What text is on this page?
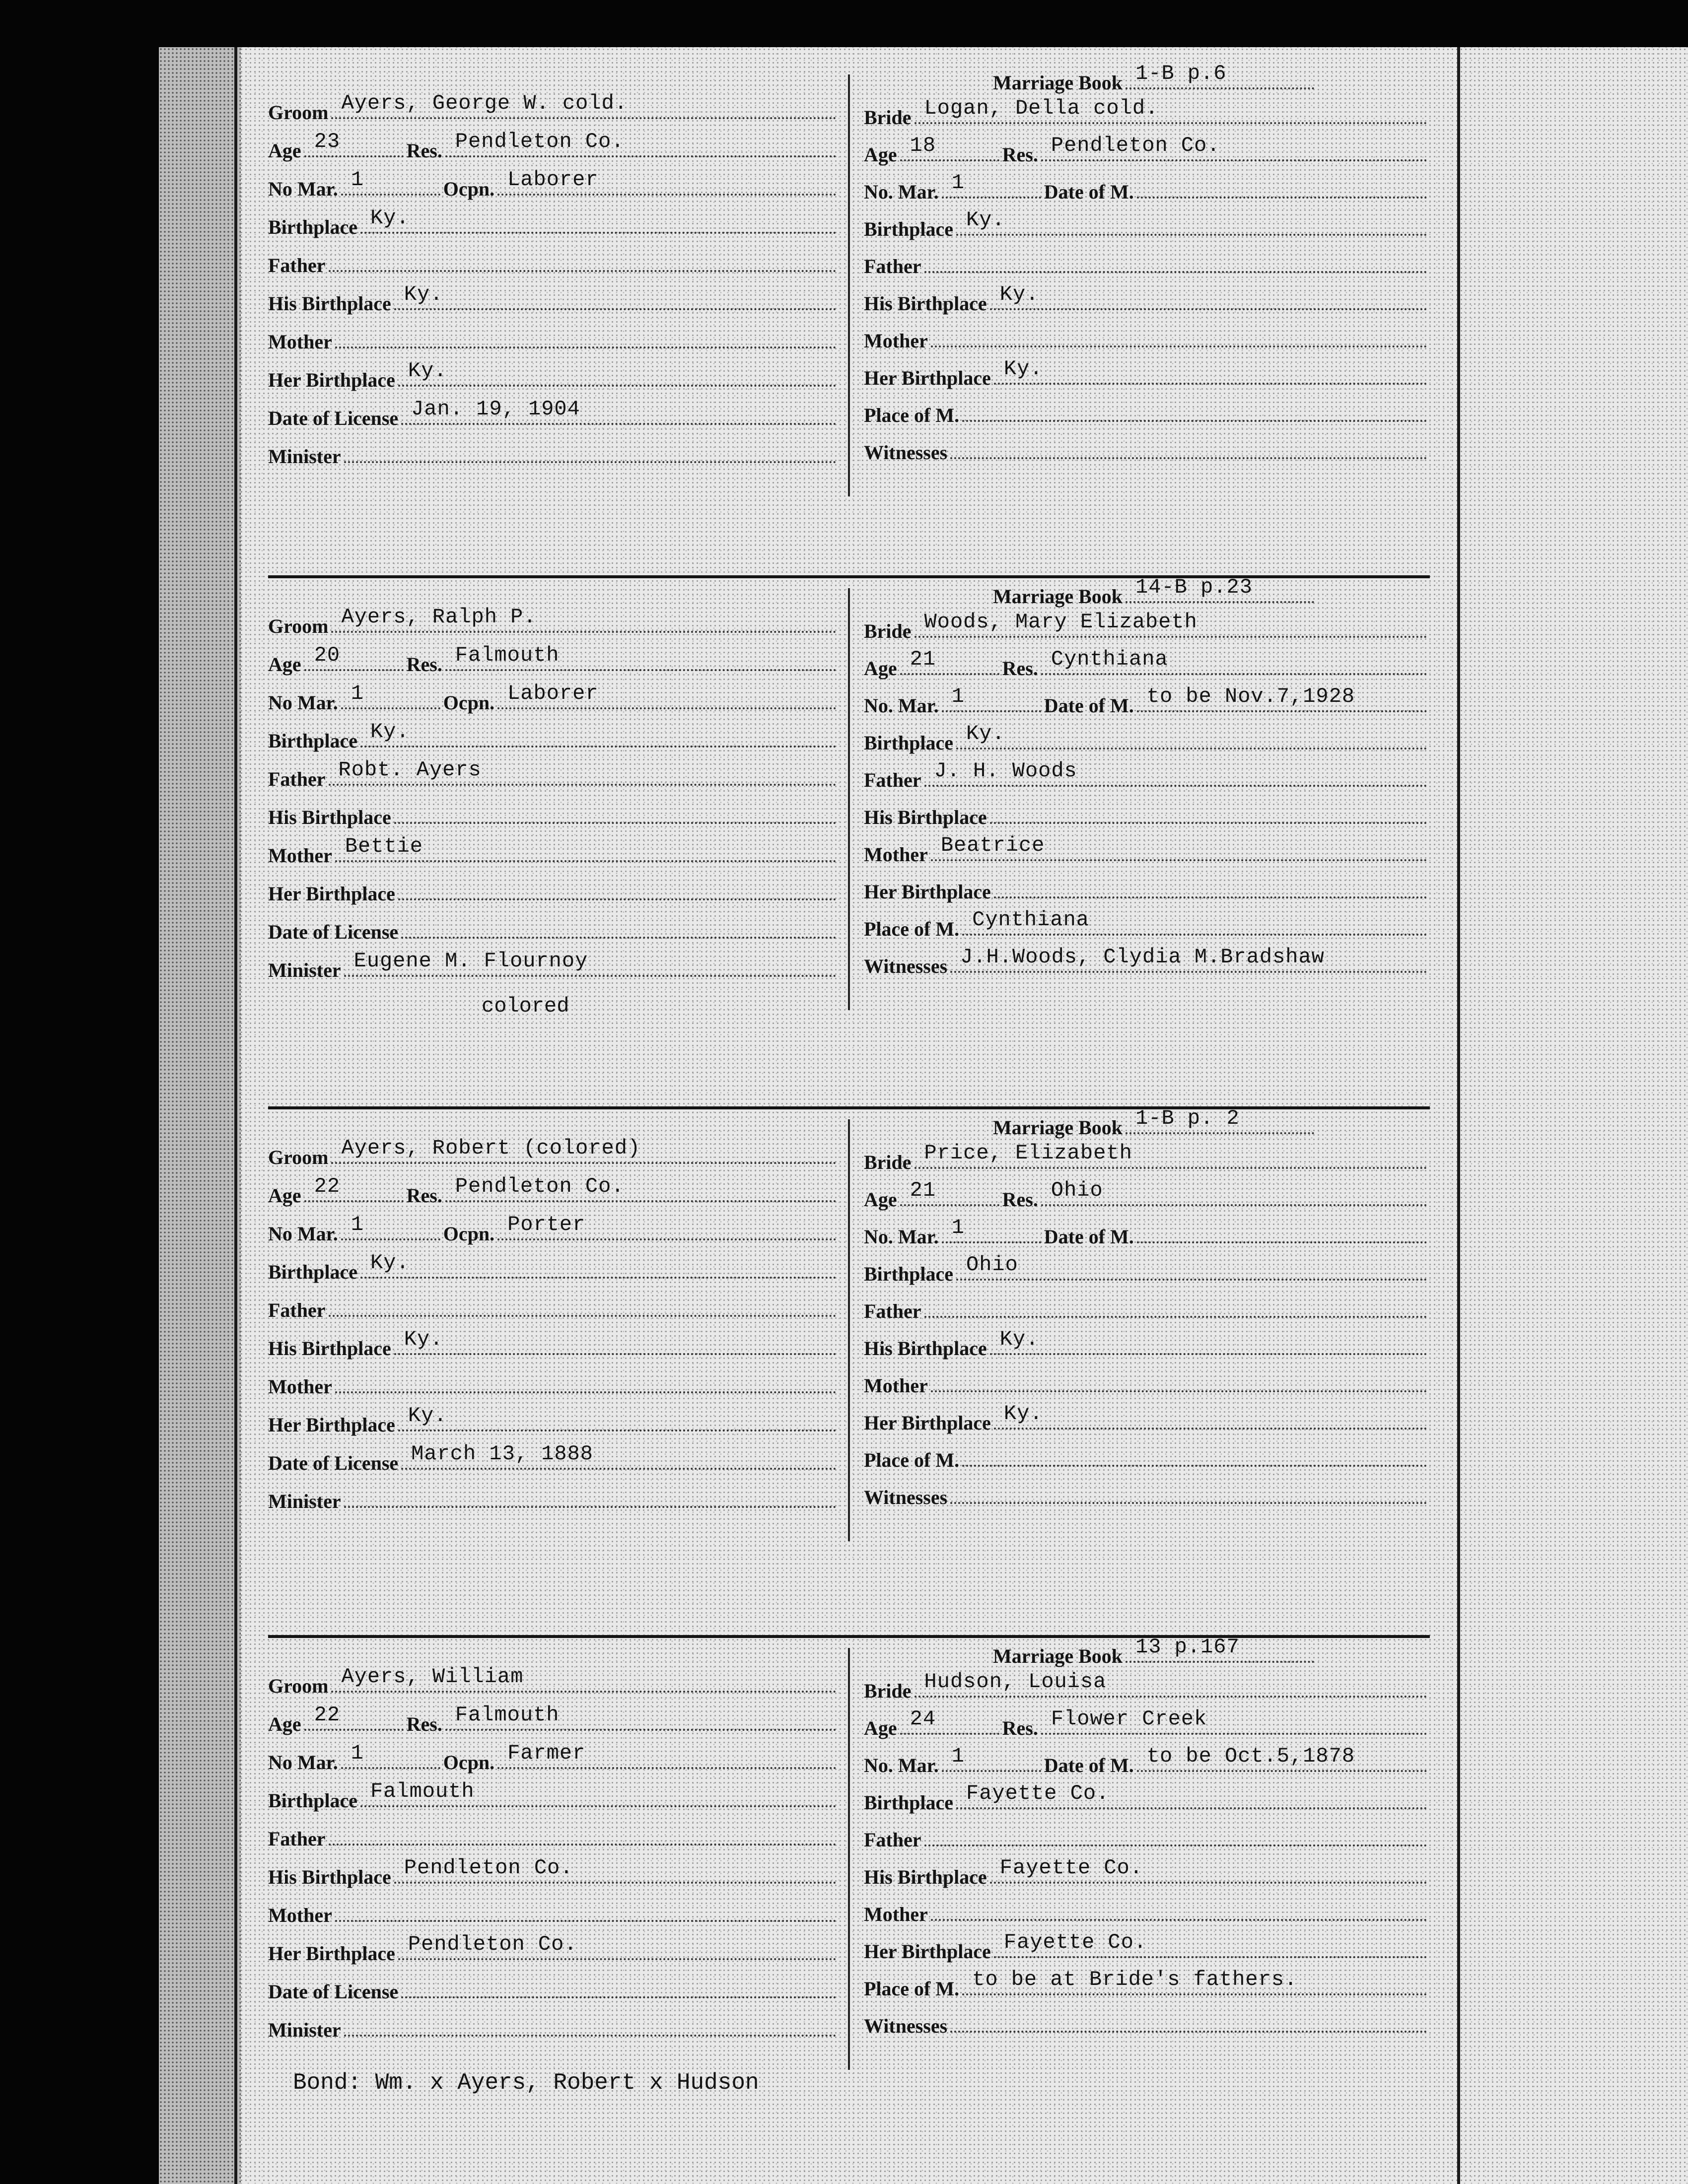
Groom Ayers, George W. cold.
Age 23	Res. Pendleton Co.
No Mar. 1	Ocpn. Laborer
Birthplace Ky.
Father
His Birthplace Ky.
Mother
Her Birthplace Ky.
Date of License Jan. 19, 1904
Minister
Marriage Book 1-B p.6
Bride Logan, Della cold.
Age 18	Res. Pendleton Co.
No. Mar. 1	Date of M.
Birthplace Ky.
Father
His Birthplace Ky.
Mother
Her Birthplace Ky.
Place of M.
Witnesses
Groom Ayers, Ralph P.
Age 20	Res. Falmouth
No Mar. 1	Ocpn. Laborer
Birthplace Ky.
Father Robt. Ayers
His Birthplace
Mother Bettie
Her Birthplace
Date of License
Minister Eugene M. Flournoy
colored
Marriage Book 14-B p.23
Bride Woods, Mary Elizabeth
Age 21	Res. Cynthiana
No. Mar. 1	Date of M. to be Nov.7,1928
Birthplace Ky.
Father J. H. Woods
His Birthplace
Mother Beatrice
Her Birthplace
Place of M. Cynthiana
Witnesses J.H.Woods, Clydia M.Bradshaw
Groom Ayers, Robert (colored)
Age 22	Res. Pendleton Co.
No Mar. 1	Ocpn. Porter
Birthplace Ky.
Father
His Birthplace Ky.
Mother
Her Birthplace Ky.
Date of License March 13, 1888
Minister
Marriage Book 1-B p. 2
Bride Price, Elizabeth
Age 21	Res. Ohio
No. Mar. 1	Date of M.
Birthplace Ohio
Father
His Birthplace Ky.
Mother
Her Birthplace Ky.
Place of M.
Witnesses
Groom Ayers, William
Age 22	Res. Falmouth
No Mar. 1	Ocpn. Farmer
Birthplace Falmouth
Father
His Birthplace Pendleton Co.
Mother
Her Birthplace Pendleton Co.
Date of License
Minister
Marriage Book 13 p.167
Bride Hudson, Louisa
Age 24	Res. Flower Creek
No. Mar. 1	Date of M. to be Oct.5,1878
Birthplace Fayette Co.
Father
His Birthplace Fayette Co.
Mother
Her Birthplace Fayette Co.
Place of M. to be at Bride's fathers.
Witnesses
Bond: Wm. x Ayers, Robert x Hudson
